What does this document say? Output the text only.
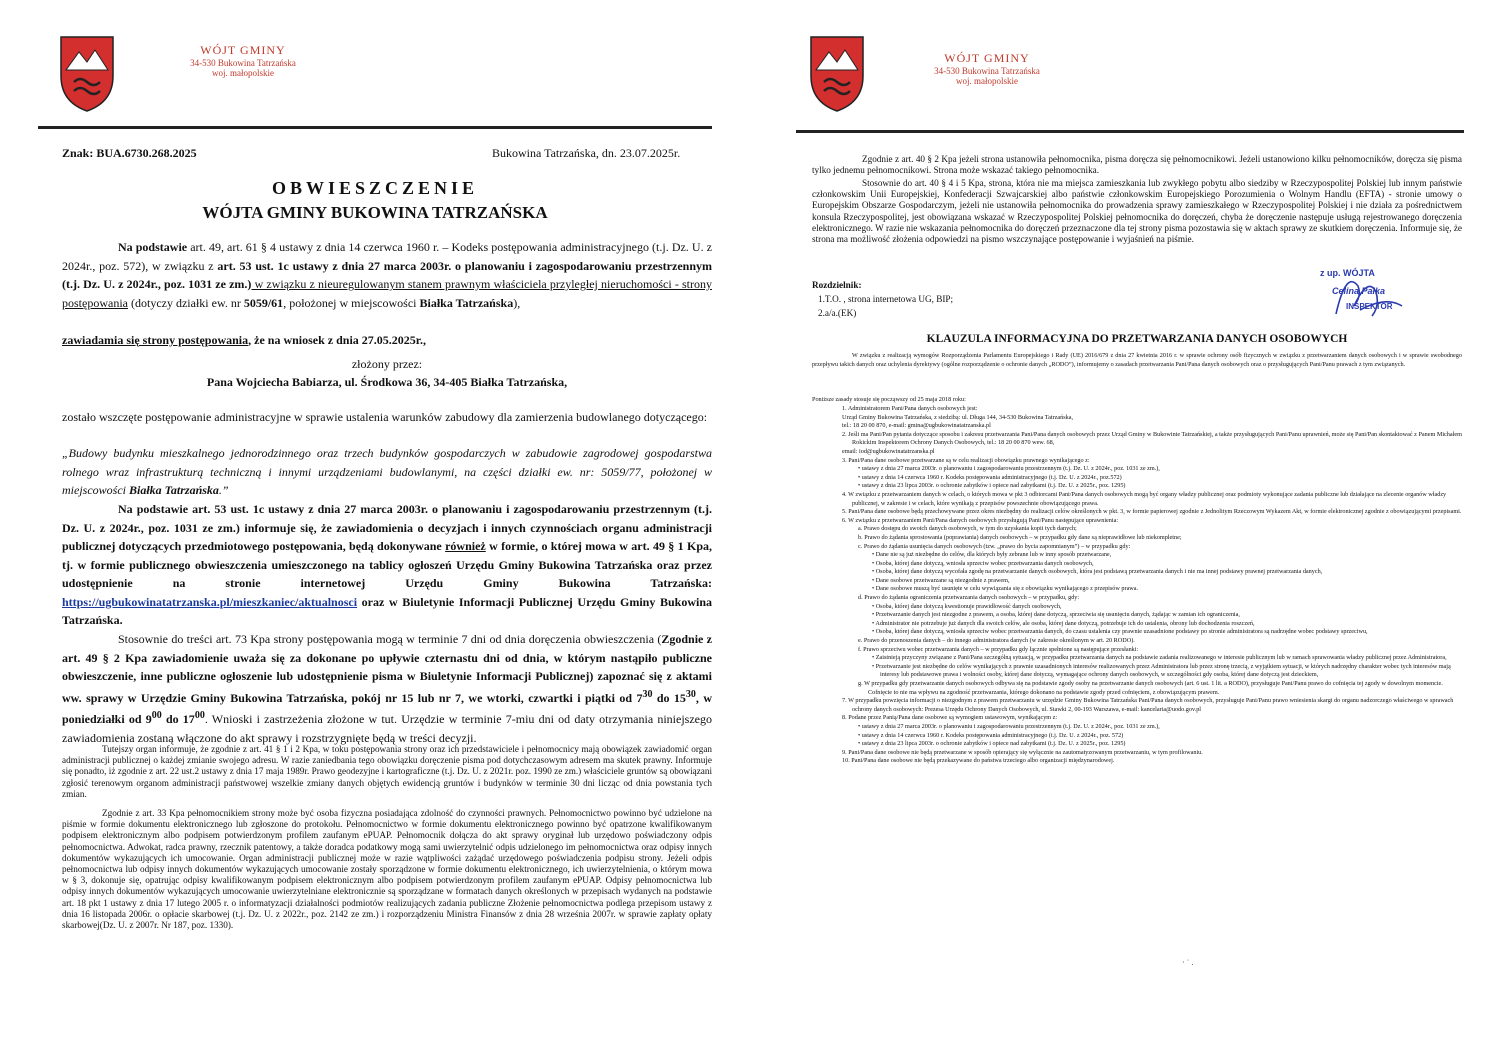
WÓJT GMINY
34-530 Bukowina Tatrzańska
woj. małopolskie
Znak: BUA.6730.268.2025	Bukowina Tatrzańska, dn. 23.07.2025r.
OBWIESZCZENIE
WÓJTA GMINY BUKOWINA TATRZAŃSKA
Na podstawie art. 49, art. 61 § 4 ustawy z dnia 14 czerwca 1960 r. – Kodeks postępowania administracyjnego (t.j. Dz. U. z 2024r., poz. 572), w związku z art. 53 ust. 1c ustawy z dnia 27 marca 2003r. o planowaniu i zagospodarowaniu przestrzennym (t.j. Dz. U. z 2024r., poz. 1031 ze zm.) w związku z nieuregulowanym stanem prawnym właściciela przyległej nieruchomości - strony postępowania (dotyczy działki ew. nr 5059/61, położonej w miejscowości Białka Tatrzańska),
zawiadamia się strony postępowania, że na wniosek z dnia 27.05.2025r.,
złożony przez:
Pana Wojciecha Babiarza, ul. Środkowa 36, 34-405 Białka Tatrzańska,
zostało wszczęte postępowanie administracyjne w sprawie ustalenia warunków zabudowy dla zamierzenia budowlanego dotyczącego:
„Budowy budynku mieszkalnego jednorodzinnego oraz trzech budynków gospodarczych w zabudowie zagrodowej gospodarstwa rolnego wraz infrastrukturą techniczną i innymi urządzeniami budowlanymi, na części działki ew. nr: 5059/77, położonej w miejscowości Białka Tatrzańska.”
Na podstawie art. 53 ust. 1c ustawy z dnia 27 marca 2003r. o planowaniu i zagospodarowaniu przestrzennym (t.j. Dz. U. z 2024r., poz. 1031 ze zm.) informuje się, że zawiadomienia o decyzjach i innych czynnościach organu administracji publicznej dotyczących przedmiotowego postępowania, będą dokonywane również w formie, o której mowa w art. 49 § 1 Kpa, tj. w formie publicznego obwieszczenia umieszczonego na tablicy ogłoszeń Urzędu Gminy Bukowina Tatrzańska oraz przez udostępnienie na stronie internetowej Urzędu Gminy Bukowina Tatrzańska: https://ugbukowinatatrzanska.pl/mieszkaniec/aktualnosci oraz w Biuletynie Informacji Publicznej Urzędu Gminy Bukowina Tatrzańska.
Stosownie do treści art. 73 Kpa strony postępowania mogą w terminie 7 dni od dnia doręczenia obwieszczenia (Zgodnie z art. 49 § 2 Kpa zawiadomienie uważa się za dokonane po upływie czternastu dni od dnia, w którym nastąpiło publiczne obwieszczenie, inne publiczne ogłoszenie lub udostępnienie pisma w Biuletynie Informacji Publicznej) zapoznać się z aktami ww. sprawy w Urzędzie Gminy Bukowina Tatrzańska, pokój nr 15 lub nr 7, we wtorki, czwartki i piątki od $7^{30}$ do $15^{30}$, w poniedziałki od $9^{00}$ do $17^{00}$. Wnioski i zastrzeżenia złożone w tut. Urzędzie w terminie 7-miu dni od daty otrzymania niniejszego zawiadomienia zostaną włączone do akt sprawy i rozstrzygnięte będą w treści decyzji.
Tutejszy organ informuje, że zgodnie z art. 41 § 1 i 2 Kpa, w toku postępowania strony oraz ich przedstawiciele i pełnomocnicy mają obowiązek zawiadomić organ administracji publicznej o każdej zmianie swojego adresu. W razie zaniedbania tego obowiązku doręczenie pisma pod dotychczasowym adresem ma skutek prawny. Informuje się ponadto, iż zgodnie z art. 22 ust.2 ustawy z dnia 17 maja 1989r. Prawo geodezyjne i kartograficzne (t.j. Dz. U. z 2021r. poz. 1990 ze zm.) właściciele gruntów są obowiązani zgłosić terenowym organom administracji państwowej wszelkie zmiany danych objętych ewidencją gruntów i budynków w terminie 30 dni licząc od dnia powstania tych zmian.
Zgodnie z art. 33 Kpa pełnomocnikiem strony może być osoba fizyczna posiadająca zdolność do czynności prawnych. Pełnomocnictwo powinno być udzielone na piśmie w formie dokumentu elektronicznego lub zgłoszone do protokołu. Pełnomocnictwo w formie dokumentu elektronicznego powinno być opatrzone kwalifikowanym podpisem elektronicznym albo podpisem potwierdzonym profilem zaufanym ePUAP. Pełnomocnik dołącza do akt sprawy oryginał lub urzędowo poświadczony odpis pełnomocnictwa. Adwokat, radca prawny, rzecznik patentowy, a także doradca podatkowy mogą sami uwierzytelnić odpis udzielonego im pełnomocnictwa oraz odpisy innych dokumentów wykazujących ich umocowanie. Organ administracji publicznej może w razie wątpliwości zażądać urzędowego poświadczenia podpisu strony. Jeżeli odpis pełnomocnictwa lub odpisy innych dokumentów wykazujących umocowanie zostały sporządzone w formie dokumentu elektronicznego, ich uwierzytelnienia, o którym mowa w § 3, dokonuje się, opatrując odpisy kwalifikowanym podpisem elektronicznym albo podpisem potwierdzonym profilem zaufanym ePUAP. Odpisy pełnomocnictwa lub odpisy innych dokumentów wykazujących umocowanie uwierzytelniane elektronicznie są sporządzane w formatach danych określonych w przepisach wydanych na podstawie art. 18 pkt 1 ustawy z dnia 17 lutego 2005 r. o informatyzacji działalności podmiotów realizujących zadania publiczne Złożenie pełnomocnictwa podlega przepisom ustawy z dnia 16 listopada 2006r. o opłacie skarbowej (t.j. Dz. U. z 2022r., poz. 2142 ze zm.) i rozporządzeniu Ministra Finansów z dnia 28 września 2007r. w sprawie zapłaty opłaty skarbowej(Dz. U. z 2007r. Nr 187, poz. 1330).
WÓJT GMINY
34-530 Bukowina Tatrzańska
woj. małopolskie
Zgodnie z art. 40 § 2 Kpa jeżeli strona ustanowiła pełnomocnika, pisma doręcza się pełnomocnikowi. Jeżeli ustanowiono kilku pełnomocników, doręcza się pisma tylko jednemu pełnomocnikowi. Strona może wskazać takiego pełnomocnika.
Stosownie do art. 40 § 4 i 5 Kpa, strona, która nie ma miejsca zamieszkania lub zwykłego pobytu albo siedziby w Rzeczypospolitej Polskiej lub innym państwie członkowskim Unii Europejskiej, Konfederacji Szwajcarskiej albo państwie członkowskim Europejskiego Porozumienia o Wolnym Handlu (EFTA) - stronie umowy o Europejskim Obszarze Gospodarczym, jeżeli nie ustanowiła pełnomocnika do prowadzenia sprawy zamieszkałego w Rzeczypospolitej Polskiej i nie działa za pośrednictwem konsula Rzeczypospolitej, jest obowiązana wskazać w Rzeczypospolitej Polskiej pełnomocnika do doręczeń, chyba że doręczenie następuje usługą rejestrowanego doręczenia elektronicznego. W razie nie wskazania pełnomocnika do doręczeń przeznaczone dla tej strony pisma pozostawia się w aktach sprawy ze skutkiem doręczenia. Informuje się, że strona ma możliwość złożenia odpowiedzi na pismo wszczynające postępowanie i wyjaśnień na piśmie.
Rozdzielnik:
1.T.O. , strona internetowa UG, BIP;
2.a/a.(EK)
z up. WÓJTA
Celina Pałka
INSPEKTOR
KLAUZULA INFORMACYJNA DO PRZETWARZANIA DANYCH OSOBOWYCH
W związku z realizacją wymogów Rozporządzenia Parlamentu Europejskiego i Rady (UE) 2016/679 z dnia 27 kwietnia 2016 r. w sprawie ochrony osób fizycznych w związku z przetwarzaniem danych osobowych i w sprawie swobodnego przepływu takich danych oraz uchylenia dyrektywy (ogólne rozporządzenie o ochronie danych „RODO”), informujemy o zasadach przetwarzania Pani/Pana danych osobowych oraz o przysługujących Pani/Panu prawach z tym związanych.
Poniższe zasady stosuje się począwszy od 25 maja 2018 roku:

1. Administratorem Pani/Pana danych osobowych jest:

Urząd Gminy Bukowina Tatrzańska, z siedzibą: ul. Długa 144, 34-530 Bukowina Tatrzańska,

tel.: 18 20 00 870, e-mail: gmina@ugbukowinatatrzanska.pl

2. Jeśli ma Pani/Pan pytania dotyczące sposobu i zakresu przetwarzania Pani/Pana danych osobowych przez Urząd Gminy w Bukowinie Tatrzańskiej, a także przysługujących Pani/Panu uprawnień, może się Pani/Pan skontaktować z Panem Michałem Rokickim Inspektorem Ochrony Danych Osobowych, tel.: 18 20 00 870 wew. 68,

email: iod@ugbukowinatatrzanska.pl

3. Pani/Pana dane osobowe przetwarzane są w celu realizacji obowiązku prawnego wynikającego z:

• ustawy z dnia 27 marca 2003r. o planowaniu i zagospodarowaniu przestrzennym (t.j. Dz. U. z 2024r., poz. 1031 ze zm.),

• ustawy z dnia 14 czerwca 1960 r. Kodeks postępowania administracyjnego (t.j. Dz. U. z 2024r., poz.572)

• ustawy z dnia 23 lipca 2003r. o ochronie zabytków i opiece nad zabytkami (t.j. Dz. U. z 2025r., poz. 1295)

4. W związku z przetwarzaniem danych w celach, o których mowa w pkt 3 odbiorcami Pani/Pana danych osobowych mogą być organy władzy publicznej oraz podmioty wykonujące zadania publiczne lub działające na zlecenie organów władzy publicznej, w zakresie i w celach, które wynikają z przepisów powszechnie obowiązującego prawa.

5. Pani/Pana dane osobowe będą przechowywane przez okres niezbędny do realizacji celów określonych w pkt. 3, w formie papierowej zgodnie z Jednolitym Rzeczowym Wykazem Akt, w formie elektronicznej zgodnie z obowiązującymi przepisami.

6. W związku z przetwarzaniem Pani/Pana danych osobowych przysługują Pani/Panu następujące uprawnienia:

a. Prawo dostępu do swoich danych osobowych, w tym do uzyskania kopii tych danych;

b. Prawo do żądania sprostowania (poprawiania) danych osobowych – w przypadku gdy dane są nieprawidłowe lub niekompletne;

c. Prawo do żądania usunięcia danych osobowych (tzw. „prawo do bycia zapomnianym”) – w przypadku gdy:

• Dane nie są już niezbędne do celów, dla których były zebrane lub w inny sposób przetwarzane,

• Osoba, której dane dotyczą, wniosła sprzeciw wobec przetwarzania danych osobowych,

• Osoba, której dane dotyczą wycofała zgodę na przetwarzanie danych osobowych, która jest podstawą przetwarzania danych i nie ma innej podstawy prawnej przetwarzania danych,

• Dane osobowe przetwarzane są niezgodnie z prawem,

• Dane osobowe muszą być usunięte w celu wywiązania się z obowiązku wynikającego z przepisów prawa.

d. Prawo do żądania ograniczenia przetwarzania danych osobowych – w przypadku, gdy:

• Osoba, której dane dotyczą kwestionuje prawidłowość danych osobowych,

• Przetwarzanie danych jest niezgodne z prawem, a osoba, której dane dotyczą, sprzeciwia się usunięciu danych, żądając w zamian ich ograniczenia,

• Administrator nie potrzebuje już danych dla swoich celów, ale osoba, której dane dotyczą, potrzebuje ich do ustalenia, obrony lub dochodzenia roszczeń,

• Osoba, której dane dotyczą, wniosła sprzeciw wobec przetwarzania danych, do czasu ustalenia czy prawnie uzasadnione podstawy po stronie administratora są nadrzędne wobec podstawy sprzeciwu,

e. Prawo do przenoszenia danych – do innego administratora danych (w zakresie określonym w art. 20 RODO).

f. Prawo sprzeciwu wobec przetwarzania danych – w przypadku gdy łącznie spełnione są następujące przesłanki:

• Zaistnieją przyczyny związane z Pani/Pana szczególną sytuacją, w przypadku przetwarzania danych na podstawie zadania realizowanego w interesie publicznym lub w ramach sprawowania władzy publicznej przez Administratora,

• Przetwarzanie jest niezbędne do celów wynikających z prawnie uzasadnionych interesów realizowanych przez Administratora lub przez stronę trzecią, z wyjątkiem sytuacji, w których nadrzędny charakter wobec tych interesów mają interesy lub podstawowe prawa i wolności osoby, której dane dotyczą, wymagające ochrony danych osobowych, w szczególności gdy osoba, której dane dotyczą jest dzieckiem,

g. W przypadku gdy przetwarzanie danych osobowych odbywa się na podstawie zgody osoby na przetwarzanie danych osobowych (art. 6 ust. 1 lit. a RODO), przysługuje Pani/Panu prawo do cofnięcia tej zgody w dowolnym momencie. Cofnięcie to nie ma wpływu na zgodność przetwarzania, którego dokonano na podstawie zgody przed cofnięciem, z obowiązującym prawem.

7. W przypadku powzięcia informacji o niezgodnym z prawem przetwarzaniu w urzędzie Gminy Bukowina Tatrzańska Pani/Pana danych osobowych, przysługuje Pani/Panu prawo wniesienia skargi do organu nadzorczego właściwego w sprawach ochrony danych osobowych: Prezesa Urzędu Ochrony Danych Osobowych, ul. Stawki 2, 00-193 Warszawa, e-mail: kancelaria@uodo.gov.pl

8. Podane przez Panią/Pana dane osobowe są wymogiem ustawowym, wynikającym z:

• ustawy z dnia 27 marca 2003r. o planowaniu i zagospodarowaniu przestrzennym (t.j. Dz. U. z 2024r., poz. 1031 ze zm.),

• ustawy z dnia 14 czerwca 1960 r. Kodeks postępowania administracyjnego (t.j. Dz. U. z 2024r., poz. 572)

• ustawy z dnia 23 lipca 2003r. o ochronie zabytków i opiece nad zabytkami (t.j. Dz. U. z 2025r., poz. 1295)

9. Pani/Pana dane osobowe nie będą przetwarzane w sposób opierający się wyłącznie na zautomatyzowanym przetwarzaniu, w tym profilowaniu.

10. Pani/Pana dane osobowe nie będą przekazywane do państwa trzeciego albo organizacji międzynarodowej.

· ˙ .
